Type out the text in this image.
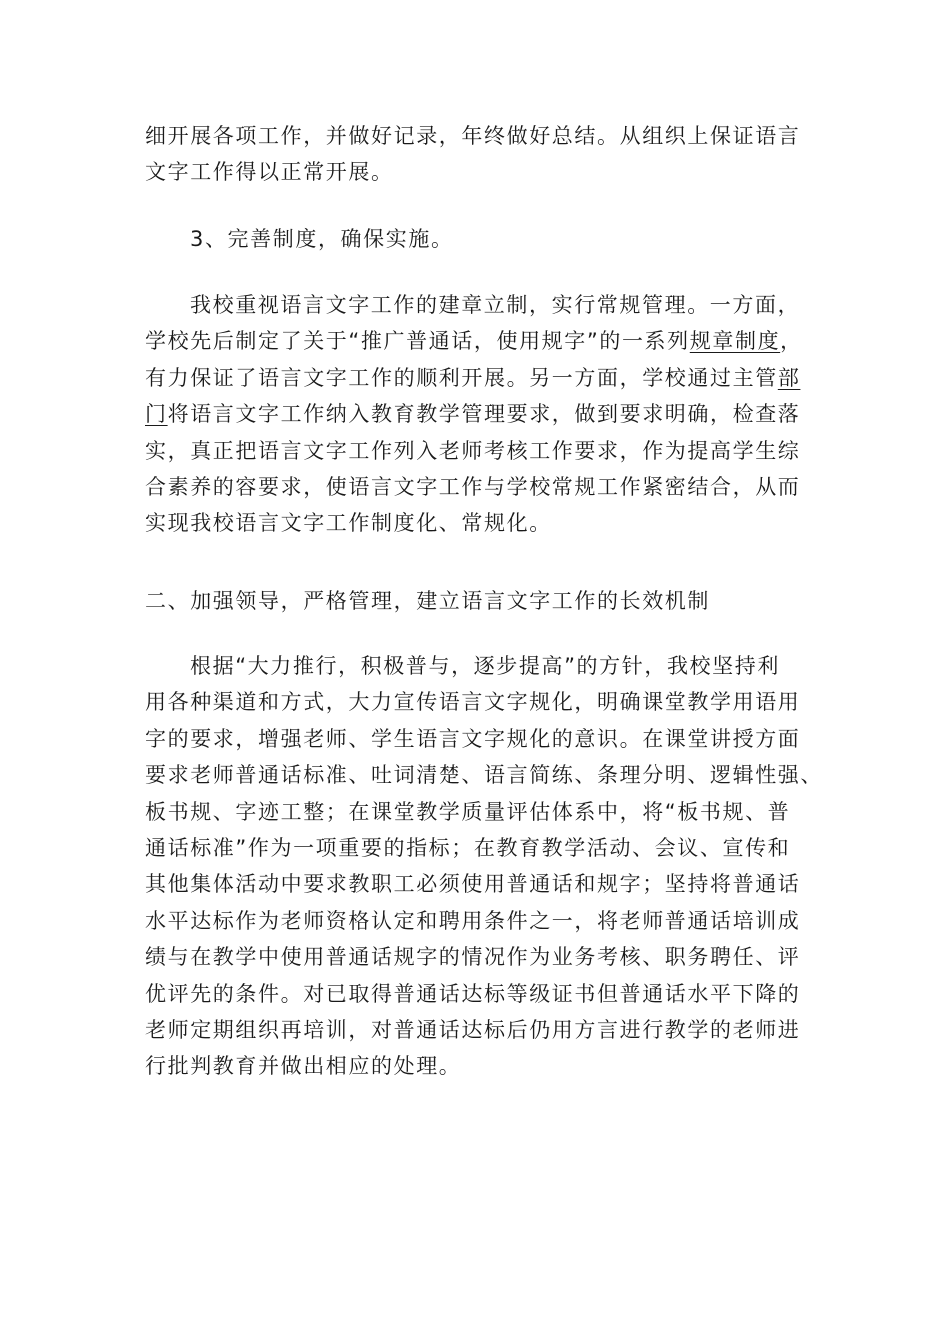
细开展各项工作，并做好记录，年终做好总结。从组织上保证语言
文字工作得以正常开展。
3、完善制度，确保实施。
我校重视语言文字工作的建章立制，实行常规管理。一方面，
学校先后制定了关于“推广普通话，使用规字”的一系列规章制度，
有力保证了语言文字工作的顺利开展。另一方面，学校通过主管部
门将语言文字工作纳入教育教学管理要求，做到要求明确，检查落
实，真正把语言文字工作列入老师考核工作要求，作为提高学生综
合素养的容要求，使语言文字工作与学校常规工作紧密结合，从而
实现我校语言文字工作制度化、常规化。
二、加强领导，严格管理，建立语言文字工作的长效机制
根据“大力推行，积极普与，逐步提高”的方针，我校坚持利
用各种渠道和方式，大力宣传语言文字规化，明确课堂教学用语用
字的要求，增强老师、学生语言文字规化的意识。在课堂讲授方面
要求老师普通话标准、吐词清楚、语言简练、条理分明、逻辑性强、
板书规、字迹工整；在课堂教学质量评估体系中，将“板书规、普
通话标准”作为一项重要的指标；在教育教学活动、会议、宣传和
其他集体活动中要求教职工必须使用普通话和规字；坚持将普通话
水平达标作为老师资格认定和聘用条件之一，将老师普通话培训成
绩与在教学中使用普通话规字的情况作为业务考核、职务聘任、评
优评先的条件。对已取得普通话达标等级证书但普通话水平下降的
老师定期组织再培训，对普通话达标后仍用方言进行教学的老师进
行批判教育并做出相应的处理。
